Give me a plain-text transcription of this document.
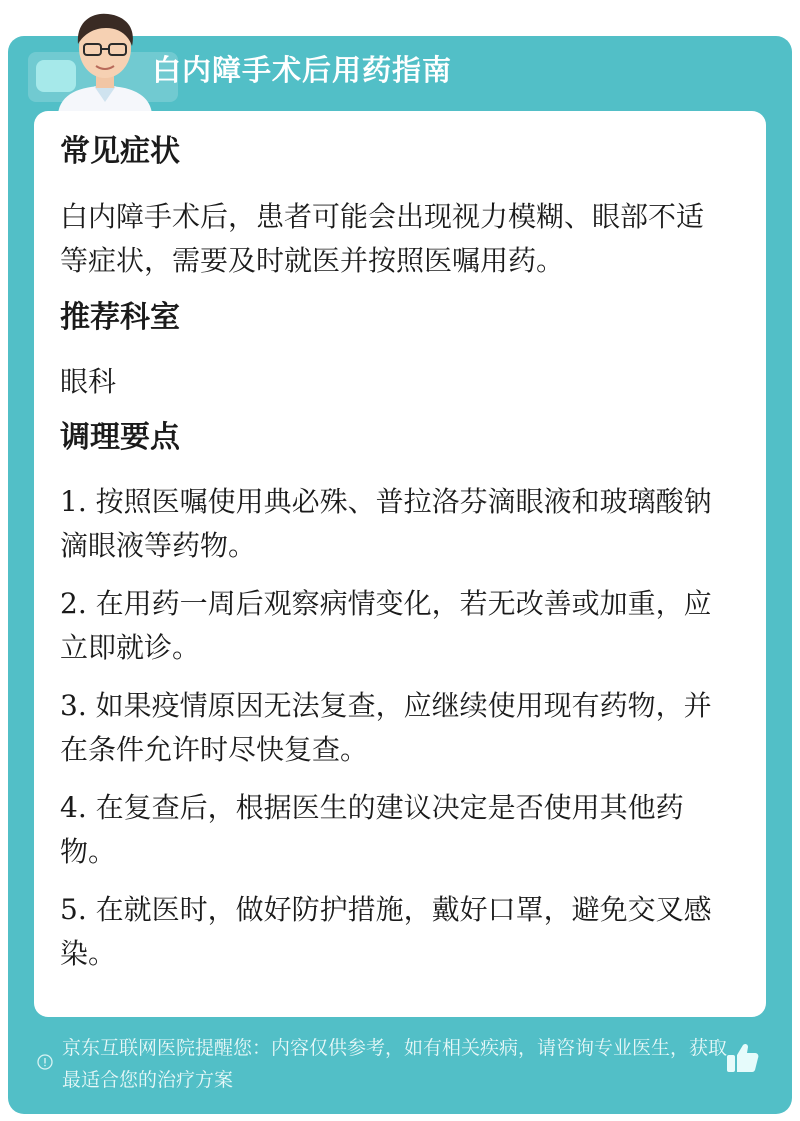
白内障手术后用药指南
常见症状

白内障手术后，患者可能会出现视力模糊、眼部不适等症状，需要及时就医并按照医嘱用药。

推荐科室

眼科

调理要点

1. 按照医嘱使用典必殊、普拉洛芬滴眼液和玻璃酸钠滴眼液等药物。

2. 在用药一周后观察病情变化，若无改善或加重，应立即就诊。

3. 如果疫情原因无法复查，应继续使用现有药物，并在条件允许时尽快复查。

4. 在复查后，根据医生的建议决定是否使用其他药物。

5. 在就医时，做好防护措施，戴好口罩，避免交叉感染。

京东互联网医院提醒您：内容仅供参考，如有相关疾病，请咨询专业医生，获取最适合您的治疗方案
